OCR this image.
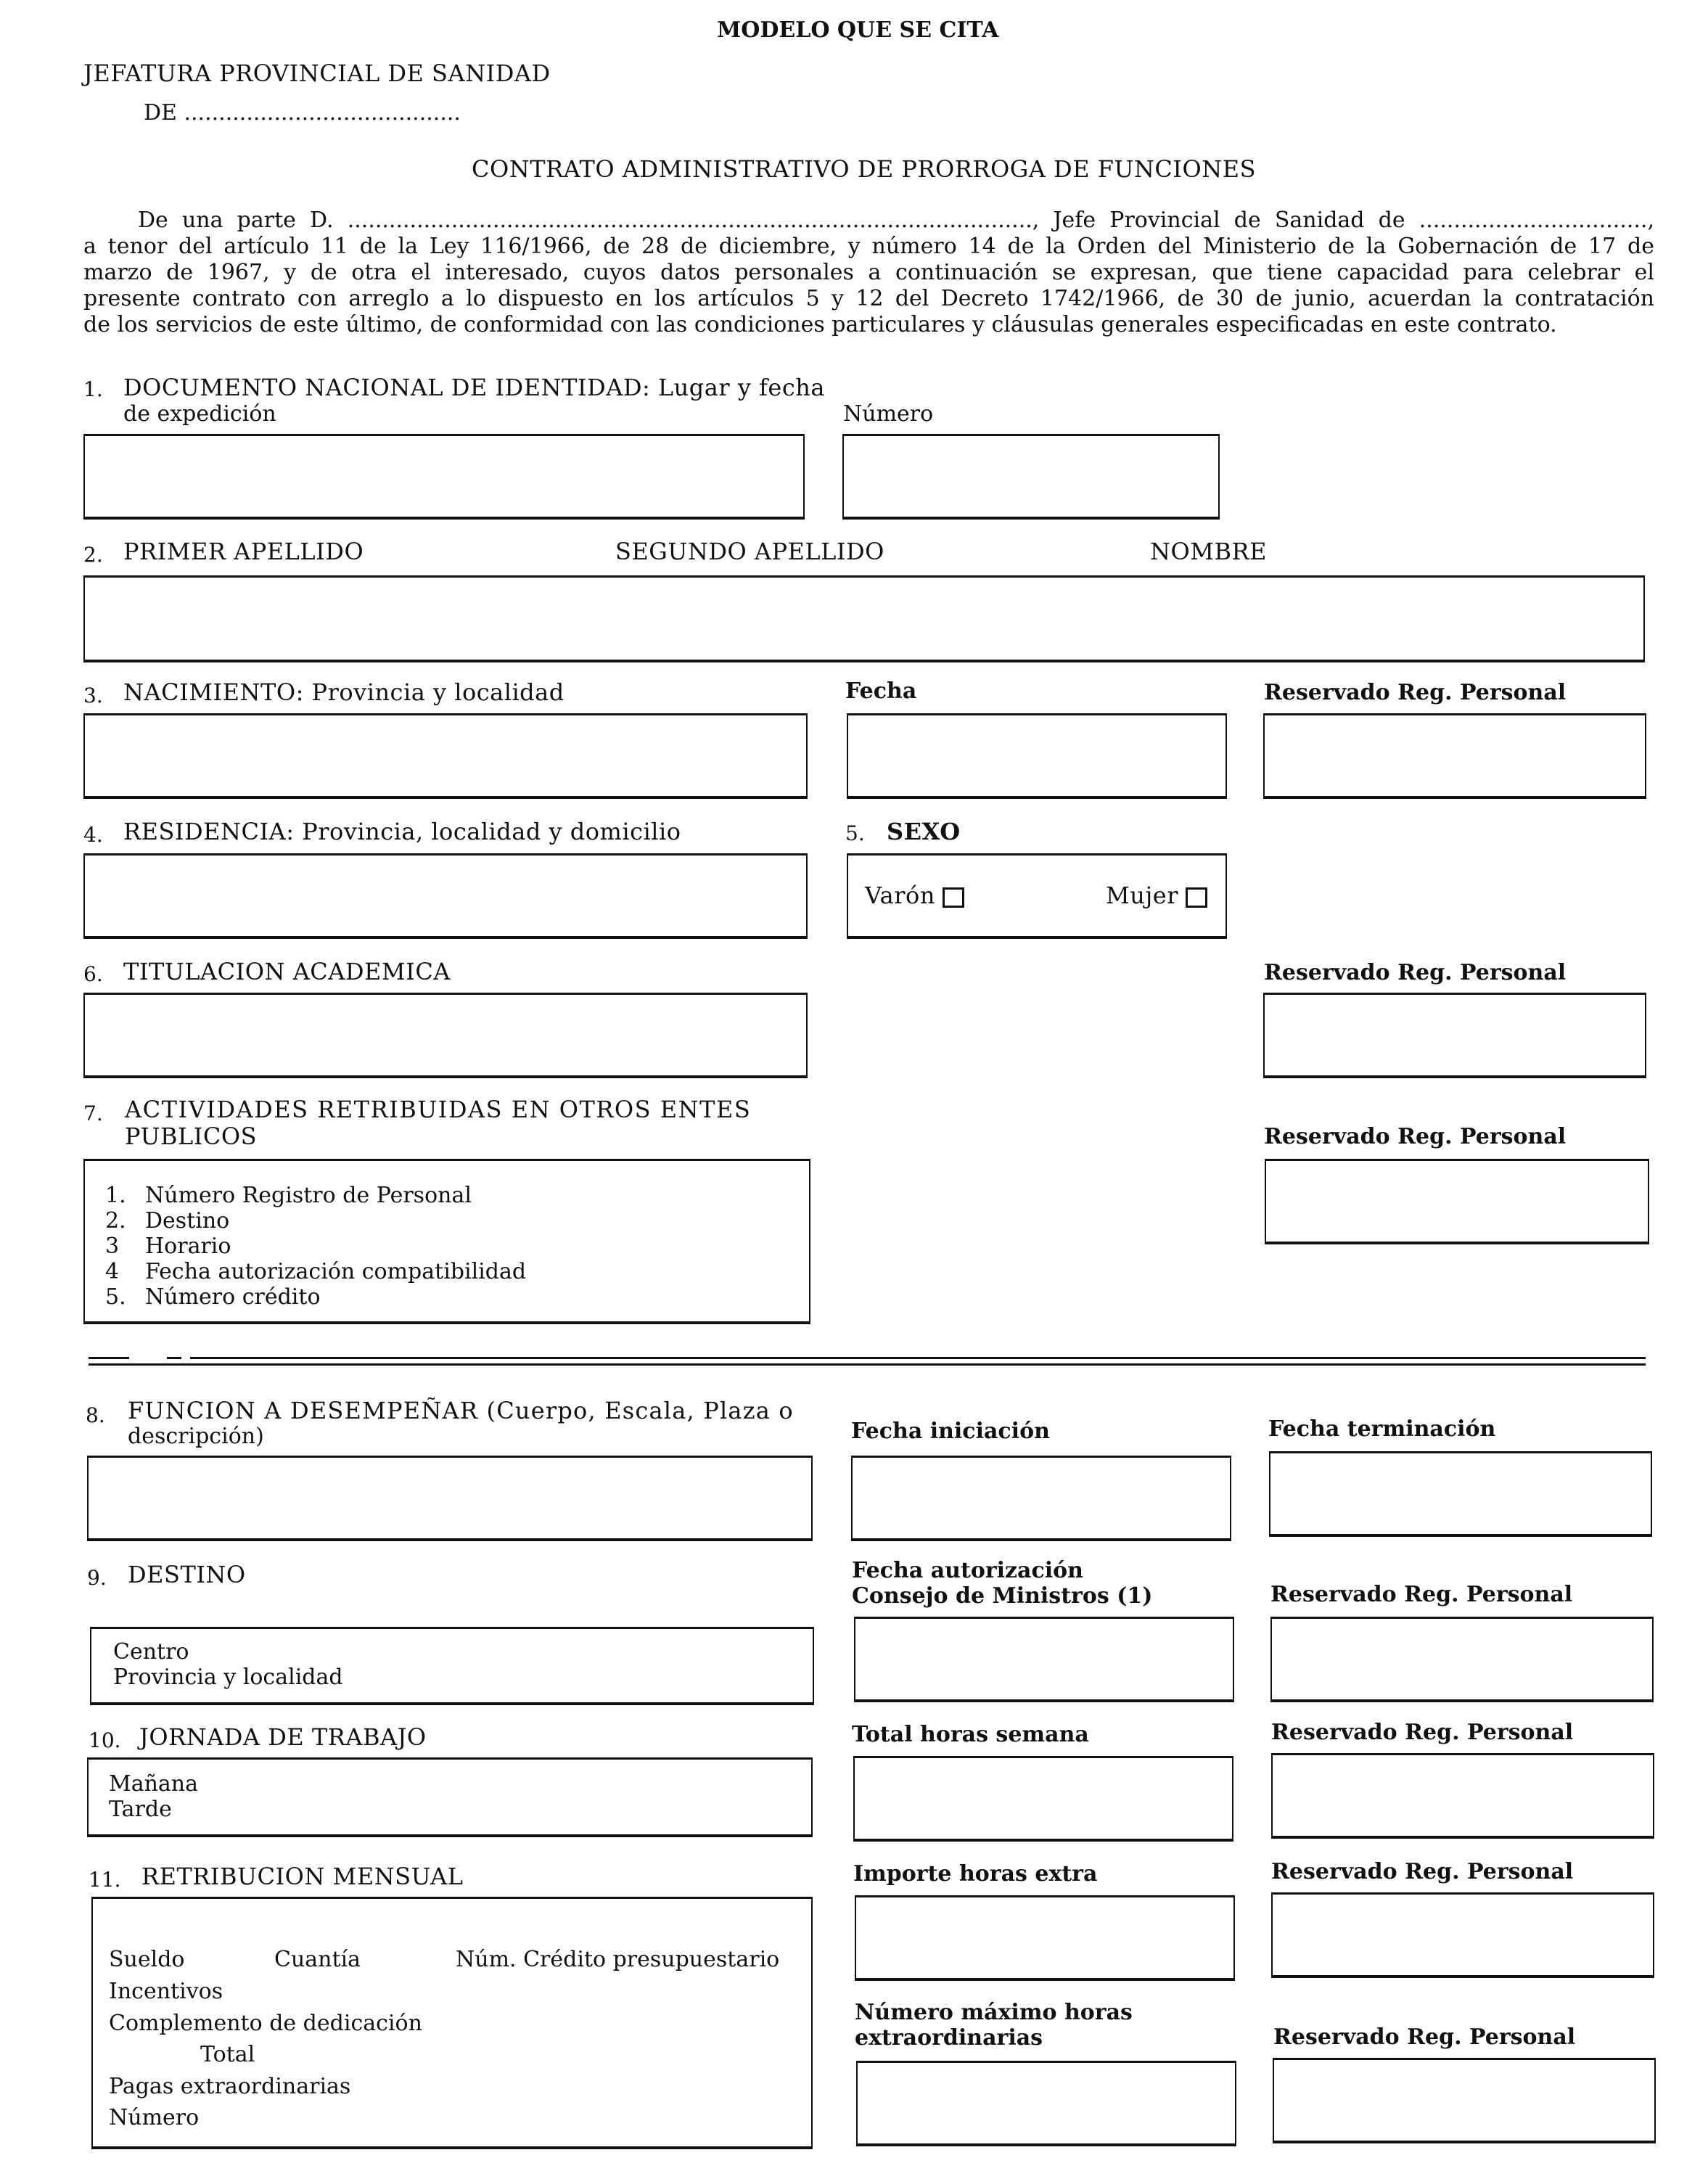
MODELO QUE SE CITA
JEFATURA PROVINCIAL DE SANIDAD
DE ........................................
CONTRATO ADMINISTRATIVO DE PRORROGA DE FUNCIONES
De una parte D. ..................................................................................................., Jefe Provincial de Sanidad de .................................,
a tenor del artículo 11 de la Ley 116/1966, de 28 de diciembre, y número 14 de la Orden del Ministerio de la Gobernación de 17 de
marzo de 1967, y de otra el interesado, cuyos datos personales a continuación se expresan, que tiene capacidad para celebrar el
presente contrato con arreglo a lo dispuesto en los artículos 5 y 12 del Decreto 1742/1966, de 30 de junio, acuerdan la contratación
de los servicios de este último, de conformidad con las condiciones particulares y cláusulas generales especificadas en este contrato.
1. DOCUMENTO NACIONAL DE IDENTIDAD: Lugar y fecha
de expedición	Número
2. PRIMER APELLIDO	SEGUNDO APELLIDO	NOMBRE
3. NACIMIENTO: Provincia y localidad	Fecha	Reservado Reg. Personal
4. RESIDENCIA: Provincia, localidad y domicilio	5. SEXO
Varón	Mujer
6. TITULACION ACADEMICA	Reservado Reg. Personal
7. ACTIVIDADES RETRIBUIDAS EN OTROS ENTES
PUBLICOS	Reservado Reg. Personal
1. Número Registro de Personal
2. Destino
3 Horario
4 Fecha autorización compatibilidad
5. Número crédito
8. FUNCION A DESEMPEÑAR (Cuerpo, Escala, Plaza o
descripción)	Fecha iniciación	Fecha terminación
9. DESTINO	Fecha autorización
Consejo de Ministros (1)	Reservado Reg. Personal
Centro
Provincia y localidad
10. JORNADA DE TRABAJO	Total horas semana	Reservado Reg. Personal
Mañana
Tarde
11. RETRIBUCION MENSUAL	Importe horas extra	Reservado Reg. Personal
Sueldo	Cuantía	Núm. Crédito presupuestario
Incentivos
Complemento de dedicación
Total
Pagas extraordinarias
Número
Número máximo horas
extraordinarias	Reservado Reg. Personal
